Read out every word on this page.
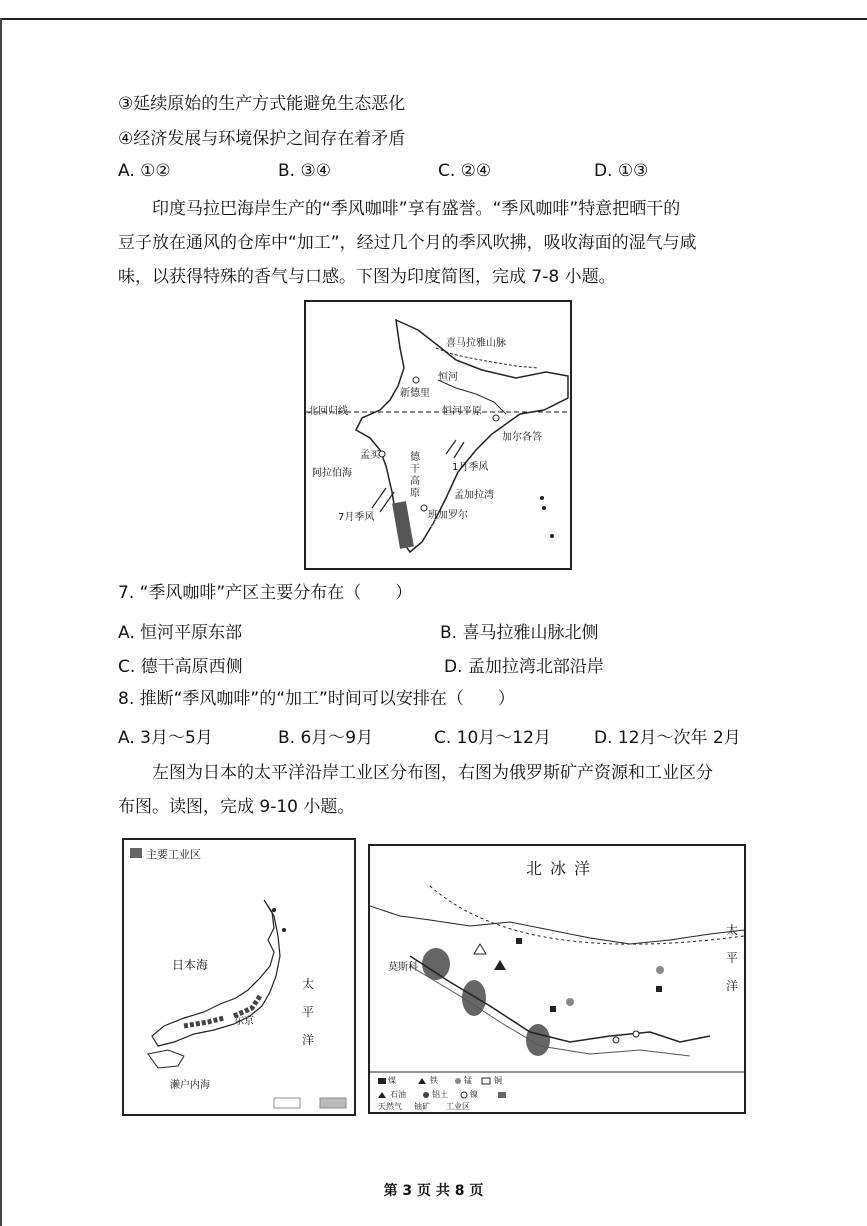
③延续原始的生产方式能避免生态恶化
④经济发展与环境保护之间存在着矛盾
A. ①②	B. ③④	C. ②④	D. ①③
印度马拉巴海岸生产的“季风咖啡”享有盛誉。“季风咖啡”特意把晒干的
豆子放在通风的仓库中“加工”，经过几个月的季风吹拂，吸收海面的湿气与咸
味，以获得特殊的香气与口感。下图为印度简图，完成 7-8 小题。
喜马拉雅山脉
新德里
恒河
恒河平原
北回归线
加尔各答
孟买	德干高原
1月季风
阿拉伯海
孟加拉湾
7月季风	班加罗尔
马拉巴海岸
7. “季风咖啡”产区主要分布在（　　）
A. 恒河平原东部	B. 喜马拉雅山脉北侧
C. 德干高原西侧	D. 孟加拉湾北部沿岸
8. 推断“季风咖啡”的“加工”时间可以安排在（　　）
A. 3月～5月	B. 6月～9月	C. 10月～12月	D. 12月～次年 2月
左图为日本的太平洋沿岸工业区分布图，右图为俄罗斯矿产资源和工业区分
布图。读图，完成 9-10 小题。
主要工业区
日本海
太平洋
东京
濑户内海
北冰洋
太平洋
莫斯科
煤	铁	锰	铜
石油	铝土	镍
天然气 铀矿 工业区
第 3 页 共 8 页
